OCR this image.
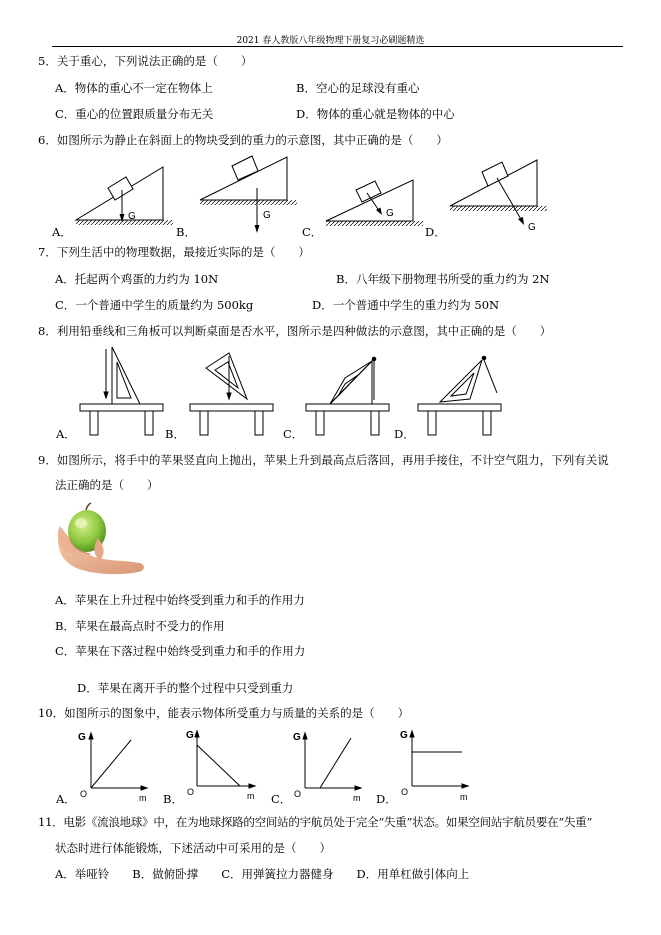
2021 春人教版八年级物理下册复习必刷题精选
5．关于重心，下列说法正确的是（　　）
A．物体的重心不一定在物体上	B．空心的足球没有重心
C．重心的位置跟质量分布无关	D．物体的重心就是物体的中心
6．如图所示为静止在斜面上的物块受到的重力的示意图，其中正确的是（　　）
G	G	G
G
A．	B．	C．	D．
7．下列生活中的物理数据，最接近实际的是（　　）
A．托起两个鸡蛋的力约为 10N	B．八年级下册物理书所受的重力约为 2N
C．一个普通中学生的质量约为 500kg	D．一个普通中学生的重力约为 50N
8．利用铅垂线和三角板可以判断桌面是否水平，图所示是四种做法的示意图，其中正确的是（　　）
A．	B．	C．	D．
9．如图所示，将手中的苹果竖直向上抛出，苹果上升到最高点后落回，再用手接住，不计空气阻力，下列有关说
法正确的是（　　）
A．苹果在上升过程中始终受到重力和手的作用力
B．苹果在最高点时不受力的作用
C．苹果在下落过程中始终受到重力和手的作用力
D．苹果在离开手的整个过程中只受到重力
10．如图所示的图象中，能表示物体所受重力与质量的关系的是（　　）
G
O	m
G
O	m
G
O	m
G
O	m
A．	B．	C．	D．
11．电影《流浪地球》中，在为地球探路的空间站的宇航员处于完全“失重”状态。如果空间站宇航员要在“失重”
状态时进行体能锻炼，下述活动中可采用的是（　　）
A．举哑铃　　B．做俯卧撑　　C．用弹簧拉力器健身　　D．用单杠做引体向上
